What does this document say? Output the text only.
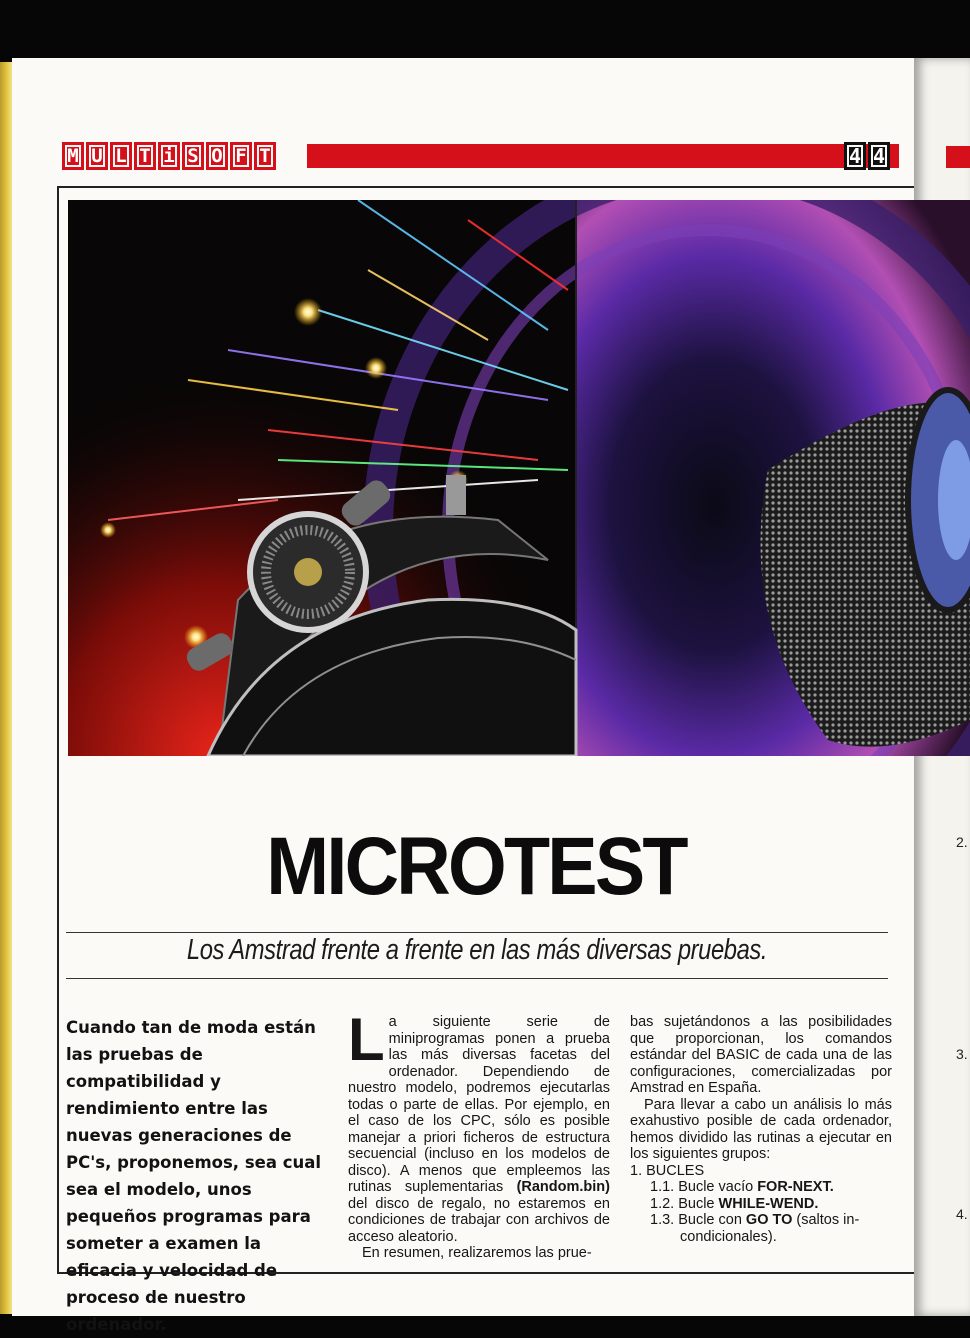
M U L T i S O F T	4 4
MICROTEST
Los Amstrad frente a frente en las más diversas pruebas.
Cuando tan de moda están las pruebas de compatibilidad y rendimiento entre las nuevas generaciones de PC's, proponemos, sea cual sea el modelo, unos pequeños programas para someter a examen la eficacia y velocidad de proceso de nuestro ordenador.

La siguiente serie de miniprogramas ponen a prueba las más diversas facetas del ordenador. Dependiendo de nuestro modelo, podremos ejecutarlas todas o parte de ellas. Por ejemplo, en el caso de los CPC, sólo es posible manejar a priori ficheros de estructura secuencial (incluso en los modelos de disco). A menos que empleemos las rutinas suplementarias (Random.bin) del disco de regalo, no estaremos en condiciones de trabajar con archivos de acceso aleatorio.

En resumen, realizaremos las prue-

bas sujetándonos a las posibilidades que proporcionan, los comandos estándar del BASIC de cada una de las configuraciones, comercializadas por Amstrad en España.

Para llevar a cabo un análisis lo más exahustivo posible de cada ordenador, hemos dividido las rutinas a ejecutar en los siguientes grupos:

1. BUCLES
1.1. Bucle vacío FOR-NEXT.
1.2. Bucle WHILE-WEND.
1.3. Bucle con GO TO (saltos in-
condicionales).
2.
3.
4.
